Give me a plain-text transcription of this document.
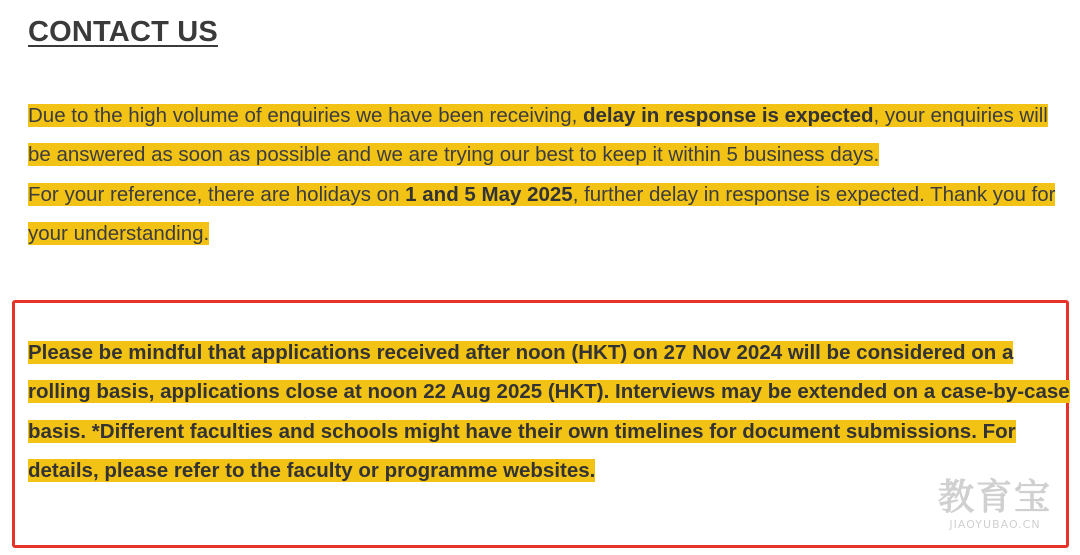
CONTACT US
Due to the high volume of enquiries we have been receiving, delay in response is expected, your enquiries will be answered as soon as possible and we are trying our best to keep it within 5 business days.
For your reference, there are holidays on 1 and 5 May 2025, further delay in response is expected. Thank you for your understanding.
Please be mindful that applications received after noon (HKT) on 27 Nov 2024 will be considered on a rolling basis, applications close at noon 22 Aug 2025 (HKT). Interviews may be extended on a case-by-case basis. *Different faculties and schools might have their own timelines for document submissions. For details, please refer to the faculty or programme websites.
教育宝
JIAOYUBAO.CN
